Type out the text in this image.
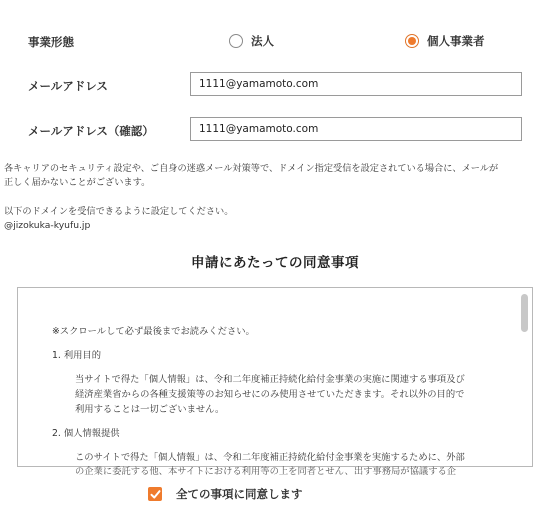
事業形態	法人	個人事業者
メールアドレス	1111@yamamoto.com
メールアドレス（確認）	1111@yamamoto.com
各キャリアのセキュリティ設定や、ご自身の迷惑メール対策等で、ドメイン指定受信を設定されている場合に、メールが
正しく届かないことがございます。
以下のドメインを受信できるように設定してください。
@jizokuka-kyufu.jp
申請にあたっての同意事項
※スクロールして必ず最後までお読みください。
1. 利用目的
当サイトで得た「個人情報」は、令和二年度補正持続化給付金事業の実施に関連する事項及び
経済産業省からの各種支援策等のお知らせにのみ使用させていただきます。それ以外の目的で
利用することは一切ございません。
2. 個人情報提供
このサイトで得た「個人情報」は、令和二年度補正持続化給付金事業を実施するために、外部
の企業に委託する他、本サイトにおける利用等の上を同者とせん、出す事務局が協議する企
全ての事項に同意します
